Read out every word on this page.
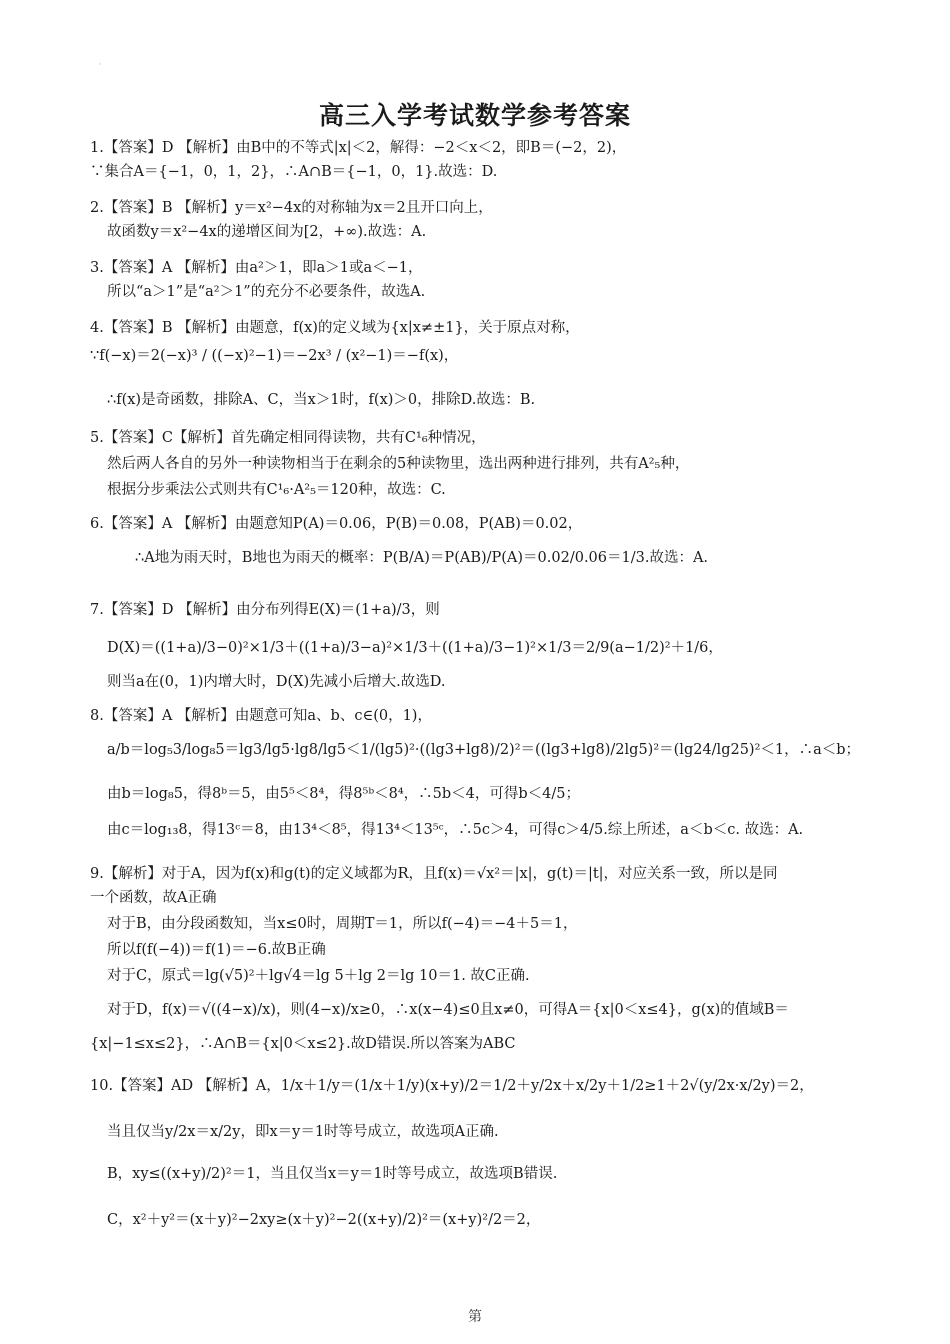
·
高三入学考试数学参考答案
1.【答案】D 【解析】由B中的不等式|x|＜2，解得：−2＜x＜2，即B＝(−2，2)，
∵集合A＝{−1，0，1，2}，∴A∩B＝{−1，0，1}.故选：D.
2.【答案】B 【解析】y＝x²−4x的对称轴为x＝2且开口向上，
故函数y＝x²−4x的递增区间为[2，+∞).故选：A.
3.【答案】A 【解析】由a²＞1，即a＞1或a＜−1，
所以“a＞1”是“a²＞1”的充分不必要条件，故选A.
4.【答案】B 【解析】由题意，f(x)的定义域为{x|x≠±1}，关于原点对称，
∵f(−x)＝2(−x)³ / ((−x)²−1)＝−2x³ / (x²−1)＝−f(x)，
∴f(x)是奇函数，排除A、C，当x＞1时，f(x)＞0，排除D.故选：B.
5.【答案】C【解析】首先确定相同得读物，共有C¹₆种情况，
然后两人各自的另外一种读物相当于在剩余的5种读物里，选出两种进行排列，共有A²₅种，
根据分步乘法公式则共有C¹₆·A²₅＝120种，故选：C.
6.【答案】A 【解析】由题意知P(A)＝0.06，P(B)＝0.08，P(AB)＝0.02，
∴A地为雨天时，B地也为雨天的概率：P(B/A)＝P(AB)/P(A)＝0.02/0.06＝1/3.故选：A.
7.【答案】D 【解析】由分布列得E(X)＝(1+a)/3，则
D(X)＝((1+a)/3−0)²×1/3＋((1+a)/3−a)²×1/3＋((1+a)/3−1)²×1/3＝2/9(a−1/2)²＋1/6，
则当a在(0，1)内增大时，D(X)先减小后增大.故选D.
8.【答案】A 【解析】由题意可知a、b、c∈(0，1)，
a/b＝log₅3/log₈5＝lg3/lg5·lg8/lg5＜1/(lg5)²·((lg3+lg8)/2)²＝((lg3+lg8)/2lg5)²＝(lg24/lg25)²＜1，∴a＜b；
由b＝log₈5，得8ᵇ＝5，由5⁵＜8⁴，得8⁵ᵇ＜8⁴，∴5b＜4，可得b＜4/5；
由c＝log₁₃8，得13ᶜ＝8，由13⁴＜8⁵，得13⁴＜13⁵ᶜ，∴5c＞4，可得c＞4/5.综上所述，a＜b＜c. 故选：A.
9.【解析】对于A，因为f(x)和g(t)的定义域都为R，且f(x)＝√x²＝|x|，g(t)＝|t|，对应关系一致，所以是同
一个函数，故A正确
对于B，由分段函数知，当x≤0时，周期T＝1，所以f(−4)＝−4＋5＝1，
所以f(f(−4))＝f(1)＝−6.故B正确
对于C，原式＝lg(√5)²＋lg√4＝lg 5＋lg 2＝lg 10＝1. 故C正确.
对于D，f(x)＝√((4−x)/x)，则(4−x)/x≥0，∴x(x−4)≤0且x≠0，可得A＝{x|0＜x≤4}，g(x)的值域B＝
{x|−1≤x≤2}，∴A∩B＝{x|0＜x≤2}.故D错误.所以答案为ABC
10.【答案】AD 【解析】A，1/x＋1/y＝(1/x＋1/y)(x+y)/2＝1/2＋y/2x＋x/2y＋1/2≥1＋2√(y/2x·x/2y)＝2，
当且仅当y/2x＝x/2y，即x＝y＝1时等号成立，故选项A正确.
B，xy≤((x+y)/2)²＝1，当且仅当x＝y＝1时等号成立，故选项B错误.
C，x²＋y²＝(x＋y)²−2xy≥(x＋y)²−2((x+y)/2)²＝(x+y)²/2＝2，
第
